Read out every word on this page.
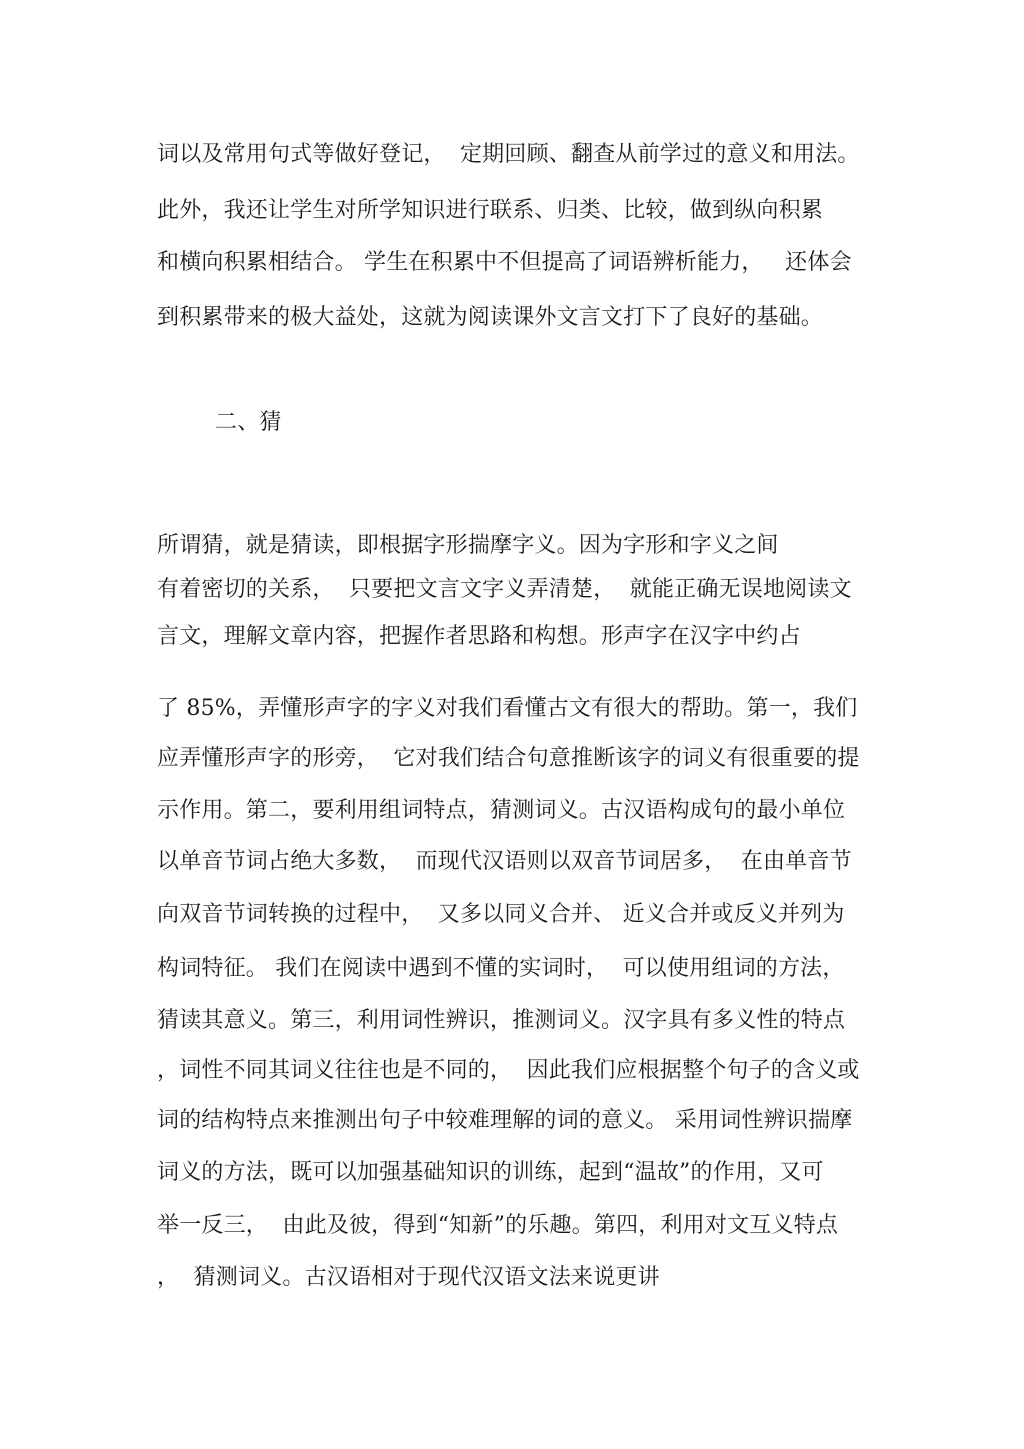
词以及常用句式等做好登记，  定期回顾、翻查从前学过的意义和用法。
此外，我还让学生对所学知识进行联系、归类、比较，做到纵向积累
和横向积累相结合。 学生在积累中不但提高了词语辨析能力，   还体会
到积累带来的极大益处，这就为阅读课外文言文打下了良好的基础。
二、猜
所谓猜，就是猜读，即根据字形揣摩字义。因为字形和字义之间
有着密切的关系，  只要把文言文字义弄清楚，  就能正确无误地阅读文
言文，理解文章内容，把握作者思路和构想。形声字在汉字中约占
了 85%，弄懂形声字的字义对我们看懂古文有很大的帮助。第一，我们
应弄懂形声字的形旁，  它对我们结合句意推断该字的词义有很重要的提
示作用。第二，要利用组词特点，猜测词义。古汉语构成句的最小单位
以单音节词占绝大多数，  而现代汉语则以双音节词居多，  在由单音节
向双音节词转换的过程中，  又多以同义合并、 近义合并或反义并列为
构词特征。 我们在阅读中遇到不懂的实词时，  可以使用组词的方法，
猜读其意义。第三，利用词性辨识，推测词义。汉字具有多义性的特点
，词性不同其词义往往也是不同的，  因此我们应根据整个句子的含义或
词的结构特点来推测出句子中较难理解的词的意义。 采用词性辨识揣摩
词义的方法，既可以加强基础知识的训练，起到“温故”的作用，又可
举一反三，  由此及彼，得到“知新”的乐趣。第四，利用对文互义特点
，  猜测词义。古汉语相对于现代汉语文法来说更讲
